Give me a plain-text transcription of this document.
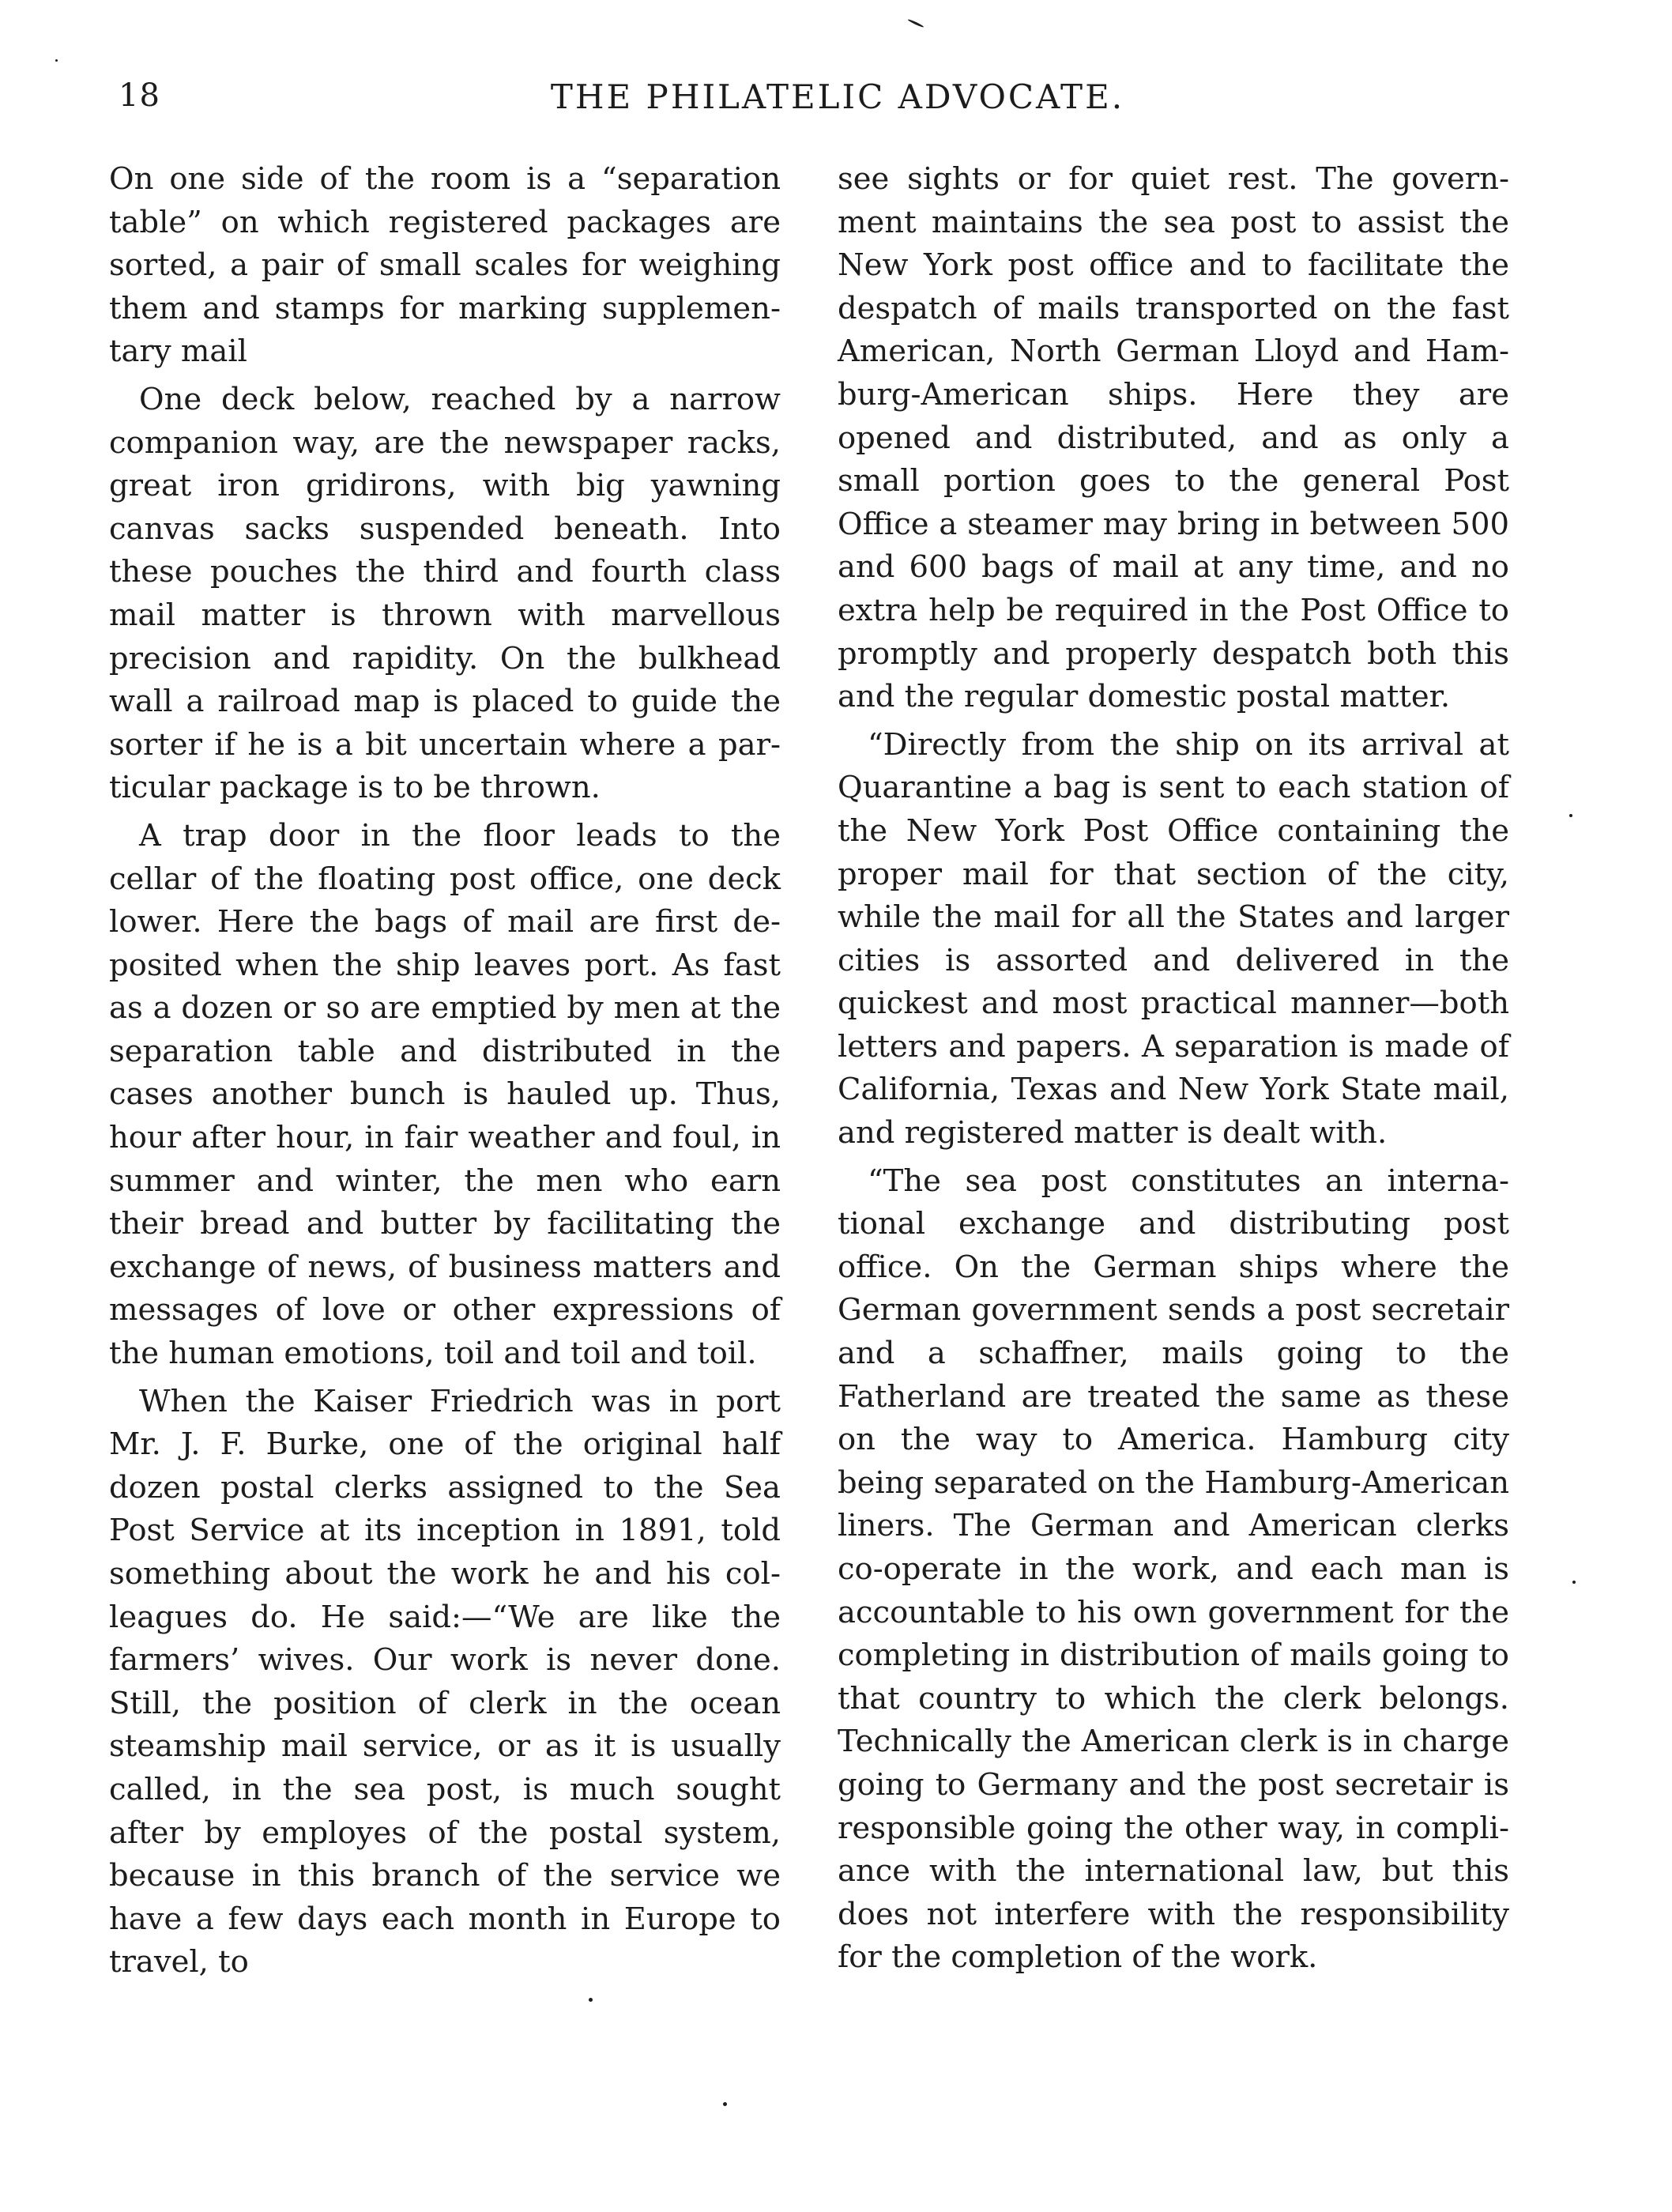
18	THE PHILATELIC ADVOCATE.

On one side of the room is a “separation table” on which registered packages are sorted, a pair of small scales for weighing them and stamps for marking supplementary mail

One deck below, reached by a narrow companion way, are the newspaper racks, great iron gridirons, with big yawning canvas sacks suspended beneath. Into these pouches the third and fourth class mail matter is thrown with marvellous precision and rapidity. On the bulkhead wall a railroad map is placed to guide the sorter if he is a bit uncertain where a particular package is to be thrown.

A trap door in the floor leads to the cellar of the floating post office, one deck lower. Here the bags of mail are first deposited when the ship leaves port. As fast as a dozen or so are emptied by men at the separation table and distributed in the cases another bunch is hauled up. Thus, hour after hour, in fair weather and foul, in summer and winter, the men who earn their bread and butter by facilitating the exchange of news, of business matters and messages of love or other expressions of the human emotions, toil and toil and toil.

When the Kaiser Friedrich was in port Mr. J. F. Burke, one of the original half dozen postal clerks assigned to the Sea Post Service at its inception in 1891, told something about the work he and his colleagues do. He said:—“We are like the farmers’ wives. Our work is never done. Still, the position of clerk in the ocean steamship mail service, or as it is usually called, in the sea post, is much sought after by employes of the postal system, because in this branch of the service we have a few days each month in Europe to travel, to

see sights or for quiet rest. The government maintains the sea post to assist the New York post office and to facilitate the despatch of mails transported on the fast American, North German Lloyd and Hamburg-American ships. Here they are opened and distributed, and as only a small portion goes to the general Post Office a steamer may bring in between 500 and 600 bags of mail at any time, and no extra help be required in the Post Office to promptly and properly despatch both this and the regular domestic postal matter.

“Directly from the ship on its arrival at Quarantine a bag is sent to each station of the New York Post Office containing the proper mail for that section of the city, while the mail for all the States and larger cities is assorted and delivered in the quickest and most practical manner—both letters and papers. A separation is made of California, Texas and New York State mail, and registered matter is dealt with.

“The sea post constitutes an international exchange and distributing post office. On the German ships where the German government sends a post secretair and a schaffner, mails going to the Fatherland are treated the same as these on the way to America. Hamburg city being separated on the Hamburg-American liners. The German and American clerks co-operate in the work, and each man is accountable to his own government for the completing in distribution of mails going to that country to which the clerk belongs. Technically the American clerk is in charge going to Germany and the post secretair is responsible going the other way, in compliance with the international law, but this does not interfere with the responsibility for the completion of the work.
